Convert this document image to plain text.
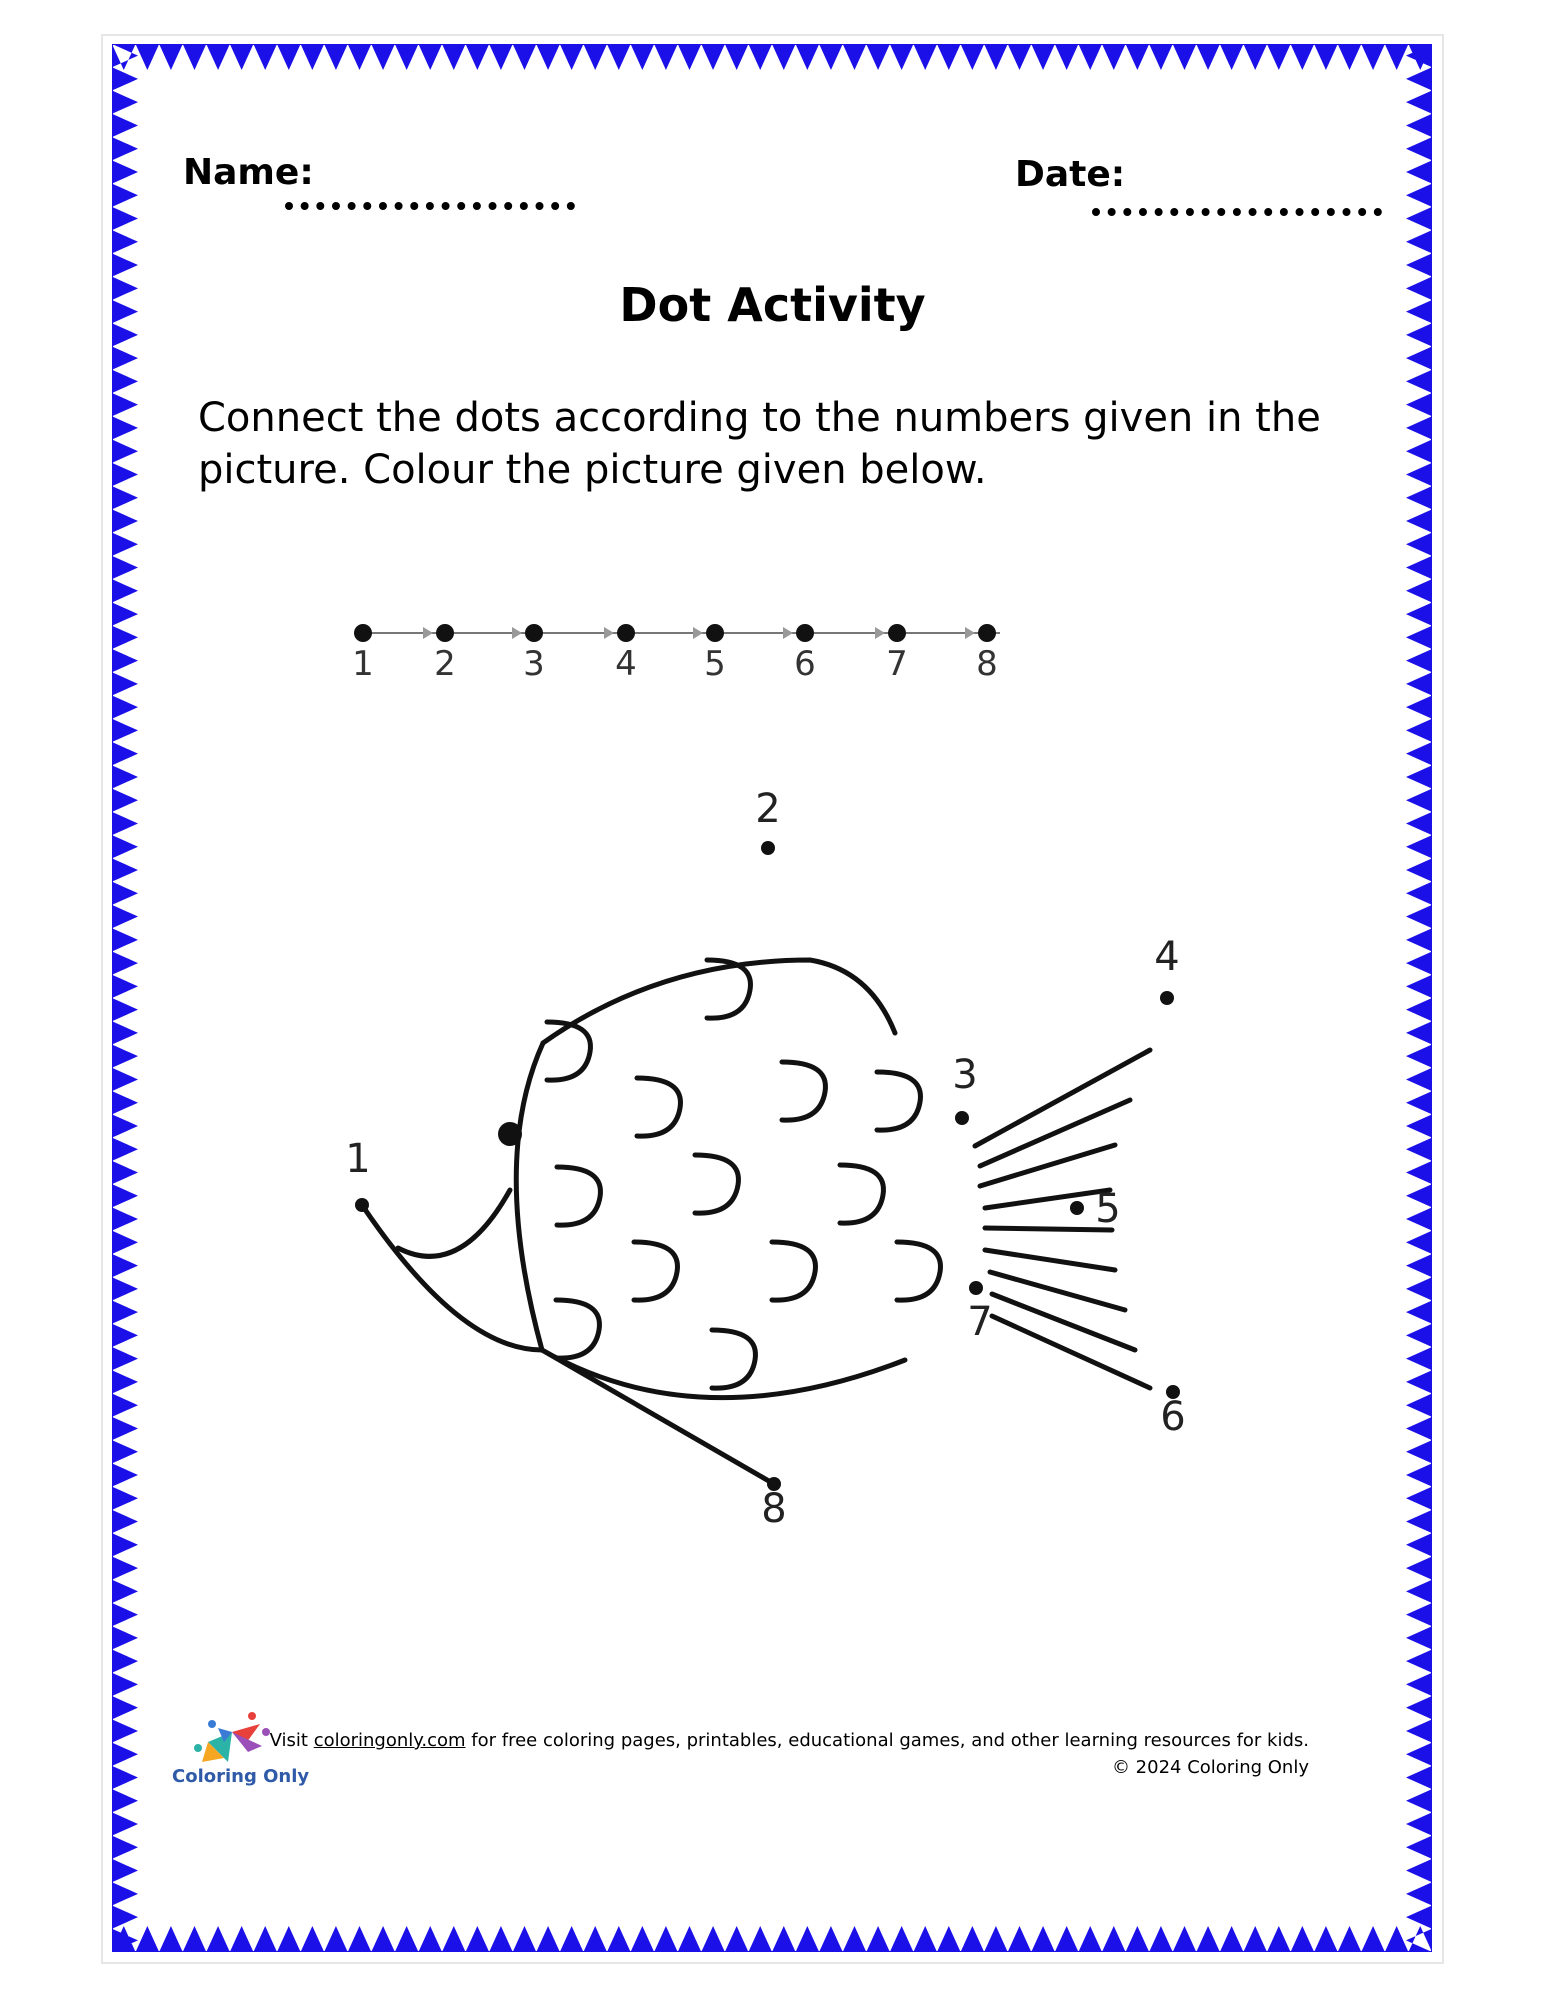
Name:	Date:
Dot Activity
Connect the dots according to the numbers given in the picture. Colour the picture given below.
1 2 3 4 5 6 7 8
1
2
3
4
5
6
7
8
Coloring Only
Visit coloringonly.com for free coloring pages, printables, educational games, and other learning resources for kids.
© 2024 Coloring Only
